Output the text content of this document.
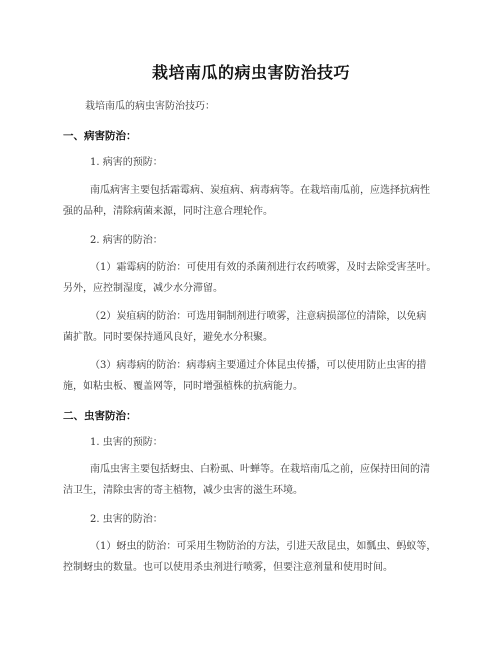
栽培南瓜的病虫害防治技巧
栽培南瓜的病虫害防治技巧：
一、病害防治：
1. 病害的预防：
南瓜病害主要包括霜霉病、炭疽病、病毒病等。在栽培南瓜前，应选择抗病性
强的品种，清除病菌来源，同时注意合理轮作。
2. 病害的防治：
（1）霜霉病的防治：可使用有效的杀菌剂进行农药喷雾，及时去除受害茎叶。
另外，应控制湿度，减少水分滞留。
（2）炭疽病的防治：可选用铜制剂进行喷雾，注意病损部位的清除，以免病
菌扩散。同时要保持通风良好，避免水分积聚。
（3）病毒病的防治：病毒病主要通过介体昆虫传播，可以使用防止虫害的措
施，如粘虫板、覆盖网等，同时增强植株的抗病能力。
二、虫害防治：
1. 虫害的预防：
南瓜虫害主要包括蚜虫、白粉虱、叶蝉等。在栽培南瓜之前，应保持田间的清
洁卫生，清除虫害的寄主植物，减少虫害的滋生环境。
2. 虫害的防治：
（1）蚜虫的防治：可采用生物防治的方法，引进天敌昆虫，如瓢虫、蚂蚁等，
控制蚜虫的数量。也可以使用杀虫剂进行喷雾，但要注意剂量和使用时间。
